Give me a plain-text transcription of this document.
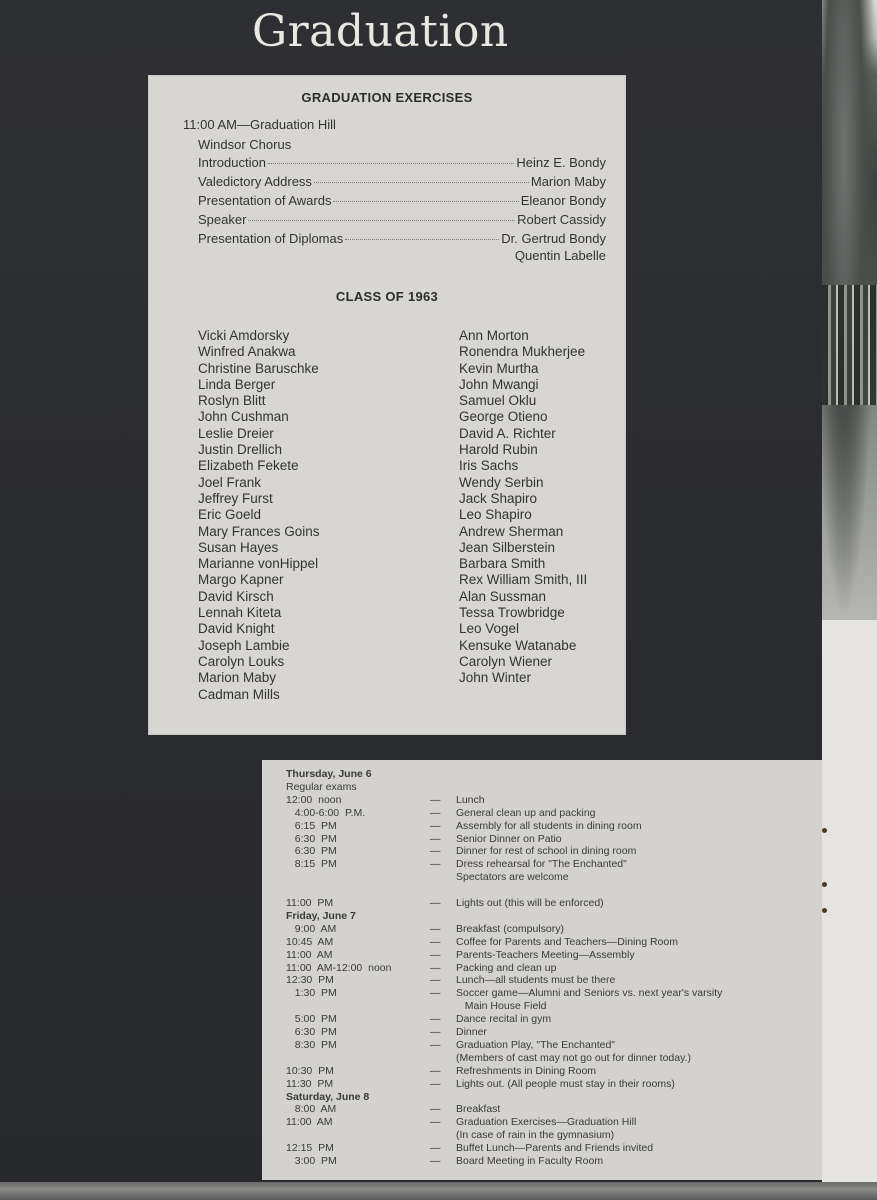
Graduation
GRADUATION EXERCISES
11:00 AM—Graduation Hill
Windsor Chorus
Introduction	Heinz E. Bondy
Valedictory Address	Marion Maby
Presentation of Awards	Eleanor Bondy
Speaker	Robert Cassidy
Presentation of Diplomas	Dr. Gertrud Bondy
Quentin Labelle
CLASS OF 1963
Vicki Amdorsky
Winfred Anakwa
Christine Baruschke
Linda Berger
Roslyn Blitt
John Cushman
Leslie Dreier
Justin Drellich
Elizabeth Fekete
Joel Frank
Jeffrey Furst
Eric Goeld
Mary Frances Goins
Susan Hayes
Marianne vonHippel
Margo Kapner
David Kirsch
Lennah Kiteta
David Knight
Joseph Lambie
Carolyn Louks
Marion Maby
Cadman Mills
Ann Morton
Ronendra Mukherjee
Kevin Murtha
John Mwangi
Samuel Oklu
George Otieno
David A. Richter
Harold Rubin
Iris Sachs
Wendy Serbin
Jack Shapiro
Leo Shapiro
Andrew Sherman
Jean Silberstein
Barbara Smith
Rex William Smith, III
Alan Sussman
Tessa Trowbridge
Leo Vogel
Kensuke Watanabe
Carolyn Wiener
John Winter
Thursday, June 6
Regular exams
12:00  noon	— Lunch
4:00-6:00  P.M.	— General clean up and packing
6:15  PM	— Assembly for all students in dining room
6:30  PM	— Senior Dinner on Patio
6:30  PM	— Dinner for rest of school in dining room
8:15  PM	— Dress rehearsal for "The Enchanted"
Spectators are welcome
11:00  PM	— Lights out (this will be enforced)
Friday, June 7
9:00  AM	— Breakfast (compulsory)
10:45  AM	— Coffee for Parents and Teachers—Dining Room
11:00  AM	— Parents-Teachers Meeting—Assembly
11:00  AM-12:00  noon	— Packing and clean up
12:30  PM	— Lunch—all students must be there
1:30  PM	— Soccer game—Alumni and Seniors vs. next year's varsity
Main House Field
5:00  PM	— Dance recital in gym
6:30  PM	— Dinner
8:30  PM	— Graduation Play, "The Enchanted"
(Members of cast may not go out for dinner today.)
10:30  PM	— Refreshments in Dining Room
11:30  PM	— Lights out. (All people must stay in their rooms)
Saturday, June 8
8:00  AM	— Breakfast
11:00  AM	— Graduation Exercises—Graduation Hill
(In case of rain in the gymnasium)
12:15  PM	— Buffet Lunch—Parents and Friends invited
3:00  PM	— Board Meeting in Faculty Room
